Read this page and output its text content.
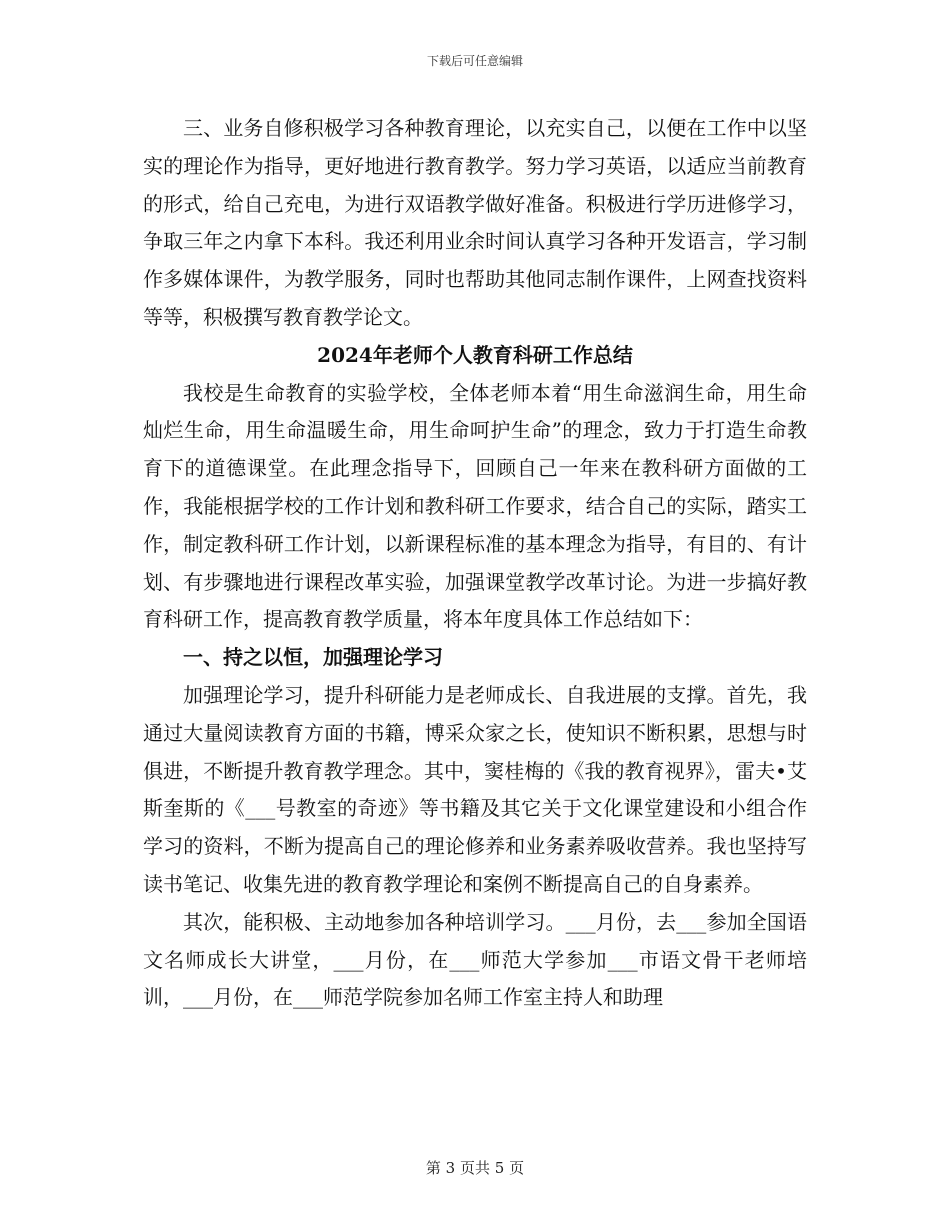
下载后可任意编辑

三、业务自修积极学习各种教育理论，以充实自己，以便在工作中以坚实的理论作为指导，更好地进行教育教学。努力学习英语，以适应当前教育的形式，给自己充电，为进行双语教学做好准备。积极进行学历进修学习，争取三年之内拿下本科。我还利用业余时间认真学习各种开发语言，学习制作多媒体课件，为教学服务，同时也帮助其他同志制作课件，上网查找资料等等，积极撰写教育教学论文。

2024年老师个人教育科研工作总结

我校是生命教育的实验学校，全体老师本着“用生命滋润生命，用生命灿烂生命，用生命温暖生命，用生命呵护生命”的理念，致力于打造生命教育下的道德课堂。在此理念指导下，回顾自己一年来在教科研方面做的工作，我能根据学校的工作计划和教科研工作要求，结合自己的实际，踏实工作，制定教科研工作计划，以新课程标准的基本理念为指导，有目的、有计划、有步骤地进行课程改革实验，加强课堂教学改革讨论。为进一步搞好教育科研工作，提高教育教学质量，将本年度具体工作总结如下：

一、持之以恒，加强理论学习

加强理论学习，提升科研能力是老师成长、自我进展的支撑。首先，我通过大量阅读教育方面的书籍，博采众家之长，使知识不断积累，思想与时俱进，不断提升教育教学理念。其中，窦桂梅的《我的教育视界》，雷夫•艾斯奎斯的《___号教室的奇迹》等书籍及其它关于文化课堂建设和小组合作学习的资料，不断为提高自己的理论修养和业务素养吸收营养。我也坚持写读书笔记、收集先进的教育教学理论和案例不断提高自己的自身素养。

其次，能积极、主动地参加各种培训学习。___月份，去___参加全国语文名师成长大讲堂，___月份，在___师范大学参加___市语文骨干老师培训，___月份，在___师范学院参加名师工作室主持人和助理

第 3 页共 5 页
